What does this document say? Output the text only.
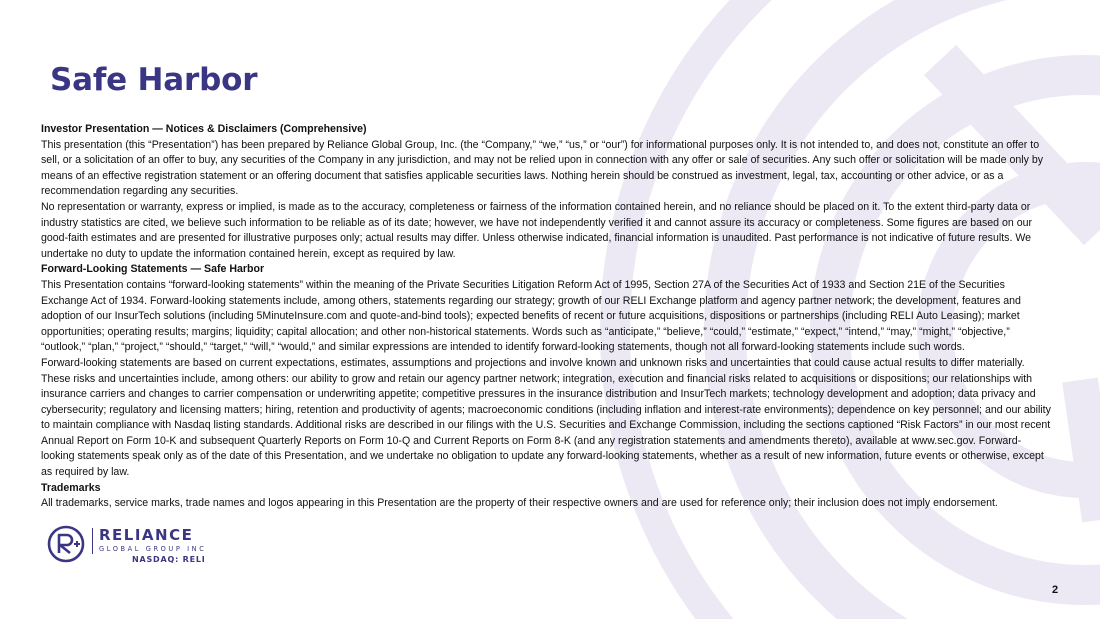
Safe Harbor

Investor Presentation — Notices & Disclaimers (Comprehensive)

This presentation (this “Presentation”) has been prepared by Reliance Global Group, Inc. (the “Company,” “we,” “us,” or “our”) for informational purposes only. It is not intended to, and does not, constitute an offer to sell, or a solicitation of an offer to buy, any securities of the Company in any jurisdiction, and may not be relied upon in connection with any offer or sale of securities. Any such offer or solicitation will be made only by means of an effective registration statement or an offering document that satisfies applicable securities laws. Nothing herein should be construed as investment, legal, tax, accounting or other advice, or as a recommendation regarding any securities.

No representation or warranty, express or implied, is made as to the accuracy, completeness or fairness of the information contained herein, and no reliance should be placed on it. To the extent third-party data or industry statistics are cited, we believe such information to be reliable as of its date; however, we have not independently verified it and cannot assure its accuracy or completeness. Some figures are based on our good-faith estimates and are presented for illustrative purposes only; actual results may differ. Unless otherwise indicated, financial information is unaudited. Past performance is not indicative of future results. We undertake no duty to update the information contained herein, except as required by law.

Forward-Looking Statements — Safe Harbor

This Presentation contains “forward-looking statements” within the meaning of the Private Securities Litigation Reform Act of 1995, Section 27A of the Securities Act of 1933 and Section 21E of the Securities Exchange Act of 1934. Forward-looking statements include, among others, statements regarding our strategy; growth of our RELI Exchange platform and agency partner network; the development, features and adoption of our InsurTech solutions (including 5MinuteInsure.com and quote-and-bind tools); expected benefits of recent or future acquisitions, dispositions or partnerships (including RELI Auto Leasing); market opportunities; operating results; margins; liquidity; capital allocation; and other non-historical statements. Words such as “anticipate,” “believe,” “could,” “estimate,” “expect,” “intend,” “may,” “might,” “objective,” “outlook,” “plan,” “project,” “should,” “target,” “will,” “would,” and similar expressions are intended to identify forward-looking statements, though not all forward-looking statements include such words.

Forward-looking statements are based on current expectations, estimates, assumptions and projections and involve known and unknown risks and uncertainties that could cause actual results to differ materially. These risks and uncertainties include, among others: our ability to grow and retain our agency partner network; integration, execution and financial risks related to acquisitions or dispositions; our relationships with insurance carriers and changes to carrier compensation or underwriting appetite; competitive pressures in the insurance distribution and InsurTech markets; technology development and adoption; data privacy and cybersecurity; regulatory and licensing matters; hiring, retention and productivity of agents; macroeconomic conditions (including inflation and interest-rate environments); dependence on key personnel; and our ability to maintain compliance with Nasdaq listing standards. Additional risks are described in our filings with the U.S. Securities and Exchange Commission, including the sections captioned “Risk Factors” in our most recent Annual Report on Form 10-K and subsequent Quarterly Reports on Form 10-Q and Current Reports on Form 8-K (and any registration statements and amendments thereto), available at www.sec.gov. Forward-looking statements speak only as of the date of this Presentation, and we undertake no obligation to update any forward-looking statements, whether as a result of new information, future events or otherwise, except as required by law.

Trademarks

All trademarks, service marks, trade names and logos appearing in this Presentation are the property of their respective owners and are used for reference only; their inclusion does not imply endorsement.

RELIANCE
GLOBAL GROUP INC
NASDAQ: RELI
2
